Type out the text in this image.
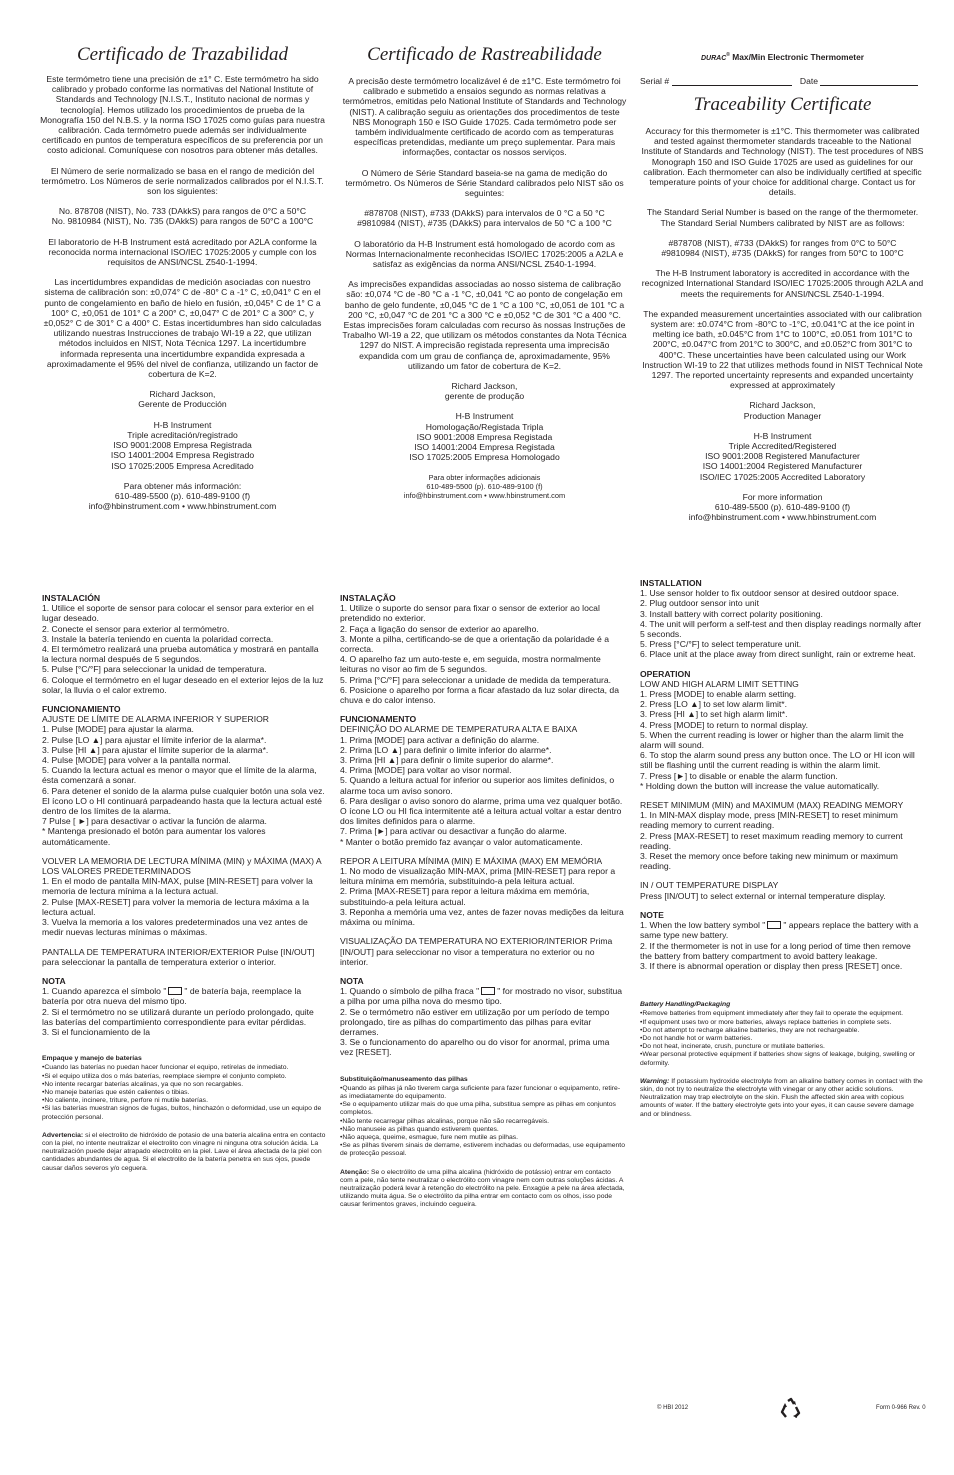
Certificado de Trazabilidad

Este termómetro tiene una precisión de ±1° C. Este termómetro ha sido calibrado y probado conforme las normativas del National Institute of Standards and Technology [N.I.S.T., Instituto nacional de normas y tecnología]. Hemos utilizado los procedimientos de prueba de la Monografía 150 del N.B.S. y la norma ISO 17025 como guías para nuestra calibración. Cada termómetro puede además ser individualmente certificado en puntos de temperatura específicos de su preferencia por un costo adicional. Comuníquese con nosotros para obtener más detalles.

El Número de serie normalizado se basa en el rango de medición del termómetro. Los Números de serie normalizados calibrados por el N.I.S.T. son los siguientes:

No. 878708 (NIST), No. 733 (DAkkS) para rangos de 0°C a 50°C
No. 9810984 (NIST), No. 735 (DAkkS) para rangos de 50°C a 100°C

El laboratorio de H-B Instrument está acreditado por A2LA conforme la reconocida norma internacional ISO/IEC 17025:2005 y cumple con los requisitos de ANSI/NCSL Z540-1-1994.

Las incertidumbres expandidas de medición asociadas con nuestro sistema de calibración son: ±0,074° C de -80° C a -1° C, ±0,041° C en el punto de congelamiento en baño de hielo en fusión, ±0,045° C de 1° C a 100° C, ±0,051 de 101° C a 200° C, ±0,047° C de 201° C a 300° C, y ±0,052° C de 301° C a 400° C. Estas incertidumbres han sido calculadas utilizando nuestras Instrucciones de trabajo WI-19 a 22, que utilizan métodos incluidos en NIST, Nota Técnica 1297. La incertidumbre informada representa una incertidumbre expandida expresada a aproximadamente el 95% del nivel de confianza, utilizando un factor de cobertura de K=2.

Richard Jackson,
Gerente de Producción

H-B Instrument
Triple acreditación/registrado
ISO 9001:2008 Empresa Registrada
ISO 14001:2004 Empresa Registrado
ISO 17025:2005 Empresa Acreditado

Para obtener más información:
610-489-5500 (p). 610-489-9100 (f)
info@hbinstrument.com • www.hbinstrument.com

Certificado de Rastreabilidade

A precisão deste termómetro localizável é de ±1°C. Este termómetro foi calibrado e submetido a ensaios segundo as normas relativas a termómetros, emitidas pelo National Institute of Standards and Technology (NIST). A calibração seguiu as orientações dos procedimentos de teste NBS Monograph 150 e ISO Guide 17025. Cada termómetro pode ser também individualmente certificado de acordo com as temperaturas específicas pretendidas, mediante um preço suplementar. Para mais informações, contactar os nossos serviços.

O Número de Série Standard baseia-se na gama de medição do termómetro. Os Números de Série Standard calibrados pelo NIST são os seguintes:

#878708 (NIST), #733 (DAkkS) para intervalos de 0 °C a 50 °C
#9810984 (NIST), #735 (DAkkS) para intervalos de 50 °C a 100 °C

O laboratório da H-B Instrument está homologado de acordo com as Normas Internacionalmente reconhecidas ISO/IEC 17025:2005 a A2LA e satisfaz as exigências da norma ANSI/NCSL Z540-1-1994.

As imprecisões expandidas associadas ao nosso sistema de calibração são: ±0,074 °C de -80 °C a -1 °C, ±0,041 °C ao ponto de congelação em banho de gelo fundente, ±0,045 °C de 1 °C a 100 °C, ±0,051 de 101 °C a 200 °C, ±0,047 °C de 201 °C a 300 °C e ±0,052 °C de 301 °C a 400 °C. Estas imprecisões foram calculadas com recurso às nossas Instruções de Trabalho WI-19 a 22, que utilizam os métodos constantes da Nota Técnica 1297 do NIST. A imprecisão registada representa uma imprecisão expandida com um grau de confiança de, aproximadamente, 95% utilizando um fator de cobertura de K=2.

Richard Jackson,
gerente de produção

H-B Instrument
Homologação/Registada Tripla
ISO 9001:2008 Empresa Registada
ISO 14001:2004 Empresa Registada
ISO 17025:2005 Empresa Homologado

Para obter informações adicionais
610-489-5500 (p). 610-489-9100 (f)
info@hbinstrument.com • www.hbinstrument.com

DURAC® Max/Min Electronic Thermometer
Serial #	Date
Traceability Certificate

Accuracy for this thermometer is ±1°C. This thermometer was calibrated and tested against thermometer standards traceable to the National Institute of Standards and Technology (NIST). The test procedures of NBS Monograph 150 and ISO Guide 17025 are used as guidelines for our calibration. Each thermometer can also be individually certified at specific temperature points of your choice for additional charge. Contact us for details.

The Standard Serial Number is based on the range of the thermometer. The Standard Serial Numbers calibrated by NIST are as follows:

#878708 (NIST), #733 (DAkkS) for ranges from 0°C to 50°C
#9810984 (NIST), #735 (DAkkS) for ranges from 50°C to 100°C

The H-B Instrument laboratory is accredited in accordance with the recognized International Standard ISO/IEC 17025:2005 through A2LA and meets the requirements for ANSI/NCSL Z540-1-1994.

The expanded measurement uncertainties associated with our calibration system are: ±0.074°C from -80°C to -1°C, ±0.041°C at the ice point in melting ice bath, ±0.045°C from 1°C to 100°C, ±0.051 from 101°C to 200°C, ±0.047°C from 201°C to 300°C, and ±0.052°C from 301°C to 400°C. These uncertainties have been calculated using our Work Instruction WI-19 to 22 that utilizes methods found in NIST Technical Note 1297. The reported uncertainty represents and expanded uncertainty expressed at approximately

Richard Jackson,
Production Manager

H-B Instrument
Triple Accredited/Registered
ISO 9001:2008 Registered Manufacturer
ISO 14001:2004 Registered Manufacturer
ISO/IEC 17025:2005 Accredited Laboratory

For more information
610-489-5500 (p). 610-489-9100 (f)
info@hbinstrument.com • www.hbinstrument.com

INSTALACIÓN

1. Utilice el soporte de sensor para colocar el sensor para exterior en el lugar deseado.

2. Conecte el sensor para exterior al termómetro.

3. Instale la batería teniendo en cuenta la polaridad correcta.

4. El termómetro realizará una prueba automática y mostrará en pantalla la lectura normal después de 5 segundos.

5. Pulse [°C/°F] para seleccionar la unidad de temperatura.

6. Coloque el termómetro en el lugar deseado en el exterior lejos de la luz solar, la lluvia o el calor extremo.

FUNCIONAMIENTO

AJUSTE DE LÍMITE DE ALARMA INFERIOR Y SUPERIOR

1. Pulse [MODE] para ajustar la alarma.

2. Pulse [LO ▲] para ajustar el límite inferior de la alarma*.

3. Pulse [HI ▲] para ajustar el límite superior de la alarma*.

4. Pulse [MODE] para volver a la pantalla normal.

5. Cuando la lectura actual es menor o mayor que el límite de la alarma, ésta comenzará a sonar.

6. Para detener el sonido de la alarma pulse cualquier botón una sola vez. El ícono LO o HI continuará parpadeando hasta que la lectura actual esté dentro de los límites de la alarma.

7 Pulse [ ►] para desactivar o activar la función de alarma.

* Mantenga presionado el botón para aumentar los valores automáticamente.

VOLVER LA MEMORIA DE LECTURA MÍNIMA (MIN) y MÁXIMA (MAX) A LOS VALORES PREDETERMINADOS

1. En el modo de pantalla MIN-MAX, pulse [MIN-RESET] para volver la memoria de lectura mínima a la lectura actual.

2. Pulse [MAX-RESET] para volver la memoria de lectura máxima a la lectura actual.

3. Vuelva la memoria a los valores predeterminados una vez antes de medir nuevas lecturas mínimas o máximas.

PANTALLA DE TEMPERATURA INTERIOR/EXTERIOR Pulse [IN/OUT] para seleccionar la pantalla de temperatura exterior o interior.

NOTA

1. Cuando aparezca el símbolo " " de batería baja, reemplace la batería por otra nueva del mismo tipo.

2. Si el termómetro no se utilizará durante un período prolongado, quite las baterías del compartimiento correspondiente para evitar pérdidas.

3. Si el funcionamiento de la

Empaque y manejo de baterías

•Cuando las baterías no puedan hacer funcionar el equipo, retírelas de inmediato.

•Si el equipo utiliza dos o más baterías, reemplace siempre el conjunto completo.

•No intente recargar baterías alcalinas, ya que no son recargables.

•No maneje baterías que estén calientes o tibias.

•No caliente, incinere, triture, perfore ni mutile baterías.

•Si las baterías muestran signos de fugas, bultos, hinchazón o deformidad, use un equipo de protección personal.

Advertencia: si el electrolito de hidróxido de potasio de una batería alcalina entra en contacto con la piel, no intente neutralizar el electrolito con vinagre ni ninguna otra solución ácida. La neutralización puede dejar atrapado electrolito en la piel. Lave el área afectada de la piel con cantidades abundantes de agua. Si el electrolito de la batería penetra en sus ojos, puede causar daños severos y/o ceguera.

INSTALAÇÃO

1. Utilize o suporte do sensor para fixar o sensor de exterior ao local pretendido no exterior.

2. Faça a ligação do sensor de exterior ao aparelho.

3. Monte a pilha, certificando-se de que a orientação da polaridade é a correcta.

4. O aparelho faz um auto-teste e, em seguida, mostra normalmente leituras no visor ao fim de 5 segundos.

5. Prima [°C/°F] para seleccionar a unidade de medida da temperatura.

6. Posicione o aparelho por forma a ficar afastado da luz solar directa, da chuva e do calor intenso.

FUNCIONAMENTO

DEFINIÇÃO DO ALARME DE TEMPERATURA ALTA E BAIXA

1. Prima [MODE] para activar a definição do alarme.

2. Prima [LO ▲] para definir o limite inferior do alarme*.

3. Prima [HI ▲] para definir o limite superior do alarme*.

4. Prima [MODE] para voltar ao visor normal.

5. Quando a leitura actual for inferior ou superior aos limites definidos, o alarme toca um aviso sonoro.

6. Para desligar o aviso sonoro do alarme, prima uma vez qualquer botão. O ícone LO ou HI fica intermitente até a leitura actual voltar a estar dentro dos limites definidos para o alarme.

7. Prima [►] para activar ou desactivar a função do alarme.

* Manter o botão premido faz avançar o valor automaticamente.

REPOR A LEITURA MÍNIMA (MIN) E MÁXIMA (MAX) EM MEMÓRIA

1. No modo de visualização MIN-MAX, prima [MIN-RESET] para repor a leitura mínima em memória, substituindo-a pela leitura actual.

2. Prima [MAX-RESET] para repor a leitura máxima em memória, substituindo-a pela leitura actual.

3. Reponha a memória uma vez, antes de fazer novas medições da leitura máxima ou mínima.

VISUALIZAÇÃO DA TEMPERATURA NO EXTERIOR/INTERIOR Prima [IN/OUT] para seleccionar no visor a temperatura no exterior ou no interior.

NOTA

1. Quando o símbolo de pilha fraca " " for mostrado no visor, substitua a pilha por uma pilha nova do mesmo tipo.

2. Se o termómetro não estiver em utilização por um período de tempo prolongado, tire as pilhas do compartimento das pilhas para evitar derrames.

3. Se o funcionamento do aparelho ou do visor for anormal, prima uma vez [RESET].

Substituição/manuseamento das pilhas

•Quando as pilhas já não tiverem carga suficiente para fazer funcionar o equipamento, retire-as imediatamente do equipamento.

•Se o equipamento utilizar mais do que uma pilha, substitua sempre as pilhas em conjuntos completos.

•Não tente recarregar pilhas alcalinas, porque não são recarregáveis.

•Não manuseie as pilhas quando estiverem quentes.

•Não aqueça, queime, esmague, fure nem mutile as pilhas.

•Se as pilhas tiverem sinais de derrame, estiverem inchadas ou deformadas, use equipamento de protecção pessoal.

Atenção: Se o electrólito de uma pilha alcalina (hidróxido de potássio) entrar em contacto com a pele, não tente neutralizar o electrólito com vinagre nem com outras soluções ácidas. A neutralização poderá levar à retenção do electrólito na pele. Enxagúe a pele na área afectada, utilizando muita água. Se o electrólito da pilha entrar em contacto com os olhos, isso pode causar ferimentos graves, incluindo cegueira.

INSTALLATION

1. Use sensor holder to fix outdoor sensor at desired outdoor space.

2. Plug outdoor sensor into unit

3. Install battery with correct polarity positioning.

4. The unit will perform a self-test and then display readings normally after 5 seconds.

5. Press [°C/°F] to select temperature unit.

6. Place unit at the place away from direct sunlight, rain or extreme heat.

OPERATION

LOW AND HIGH ALARM LIMIT SETTING

1. Press [MODE] to enable alarm setting.

2. Press [LO ▲] to set low alarm limit*.

3. Press [HI ▲] to set high alarm limit*.

4. Press [MODE] to return to normal display.

5. When the current reading is lower or higher than the alarm limit the alarm will sound.

6. To stop the alarm sound press any button once. The LO or HI icon will still be flashing until the current reading is within the alarm limit.

7. Press [►] to disable or enable the alarm function.

* Holding down the button will increase the value automatically.

RESET MINIMUM (MIN) and MAXIMUM (MAX) READING MEMORY

1. In MIN-MAX display mode, press [MIN-RESET] to reset minimum reading memory to current reading.

2. Press [MAX-RESET] to reset maximum reading memory to current reading.

3. Reset the memory once before taking new minimum or maximum reading.

IN / OUT TEMPERATURE DISPLAY

Press [IN/OUT] to select external or internal temperature display.

NOTE

1. When the low battery symbol " " appears replace the battery with a same type new battery.

2. If the thermometer is not in use for a long period of time then remove the battery from battery compartment to avoid battery leakage.

3. If there is abnormal operation or display then press [RESET] once.

Battery Handling/Packaging

•Remove batteries from equipment immediately after they fail to operate the equipment.

•If equipment uses two or more batteries, always replace batteries in complete sets.

•Do not attempt to recharge alkaline batteries, they are not rechargeable.

•Do not handle hot or warm batteries.

•Do not heat, incinerate, crush, puncture or mutilate batteries.

•Wear personal protective equipment if batteries show signs of leakage, bulging, swelling or deformity.

Warning: If potassium hydroxide electrolyte from an alkaline battery comes in contact with the skin, do not try to neutralize the electrolyte with vinegar or any other acidic solutions. Neutralization may trap electrolyte on the skin. Flush the affected skin area with copious amounts of water. If the battery electrolyte gets into your eyes, it can cause severe damage and or blindness.

© HBI 2012	Form 0-966 Rev. 0
